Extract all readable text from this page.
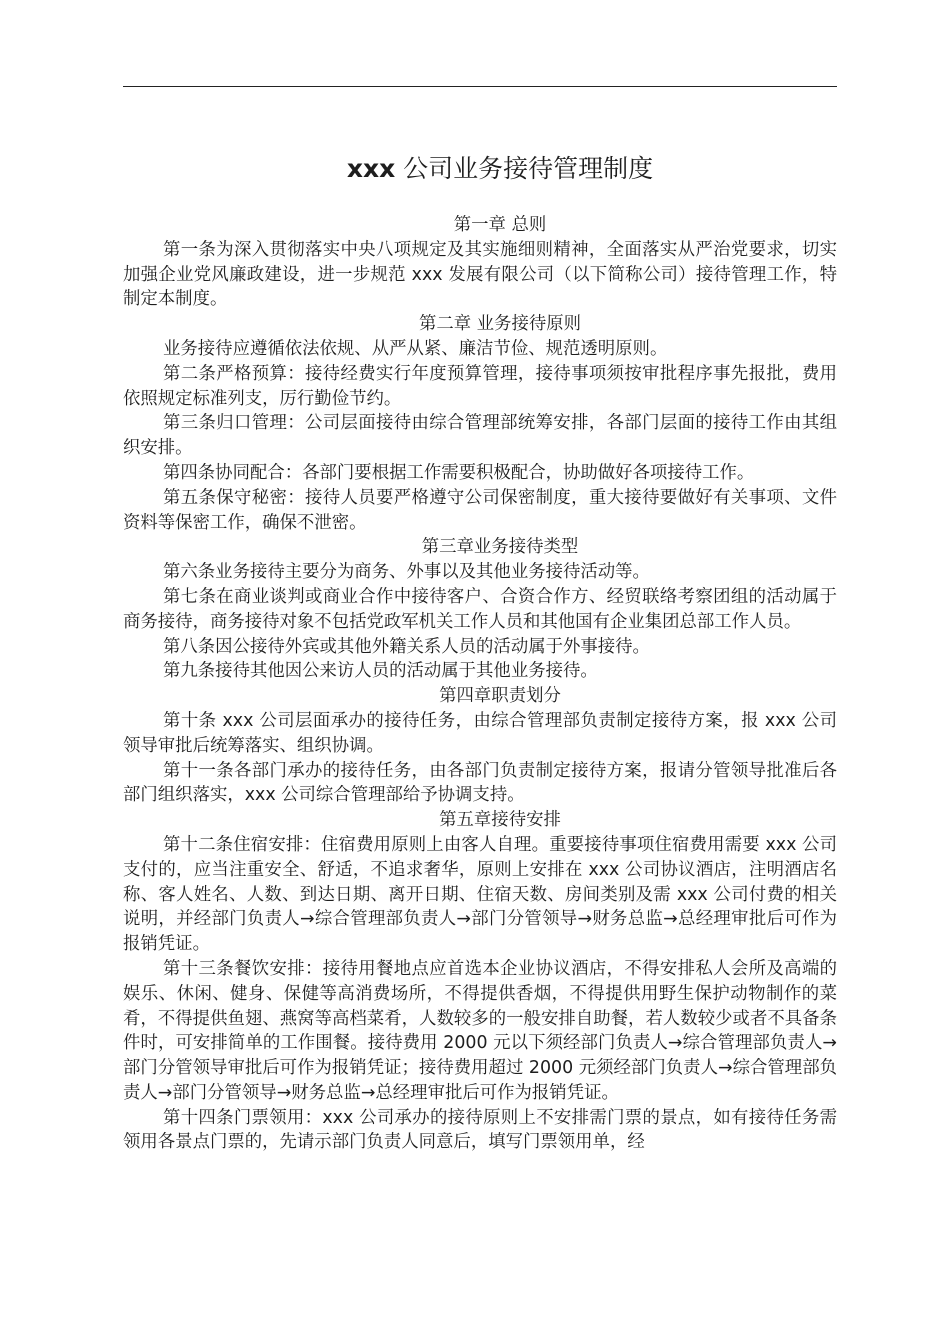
xxx 公司业务接待管理制度

第一章 总则

第一条为深入贯彻落实中央八项规定及其实施细则精神，全面落实从严治党要求，切实加强企业党风廉政建设，进一步规范 xxx 发展有限公司（以下简称公司）接待管理工作，特制定本制度。

第二章 业务接待原则

业务接待应遵循依法依规、从严从紧、廉洁节俭、规范透明原则。

第二条严格预算：接待经费实行年度预算管理，接待事项须按审批程序事先报批，费用依照规定标准列支，厉行勤俭节约。

第三条归口管理：公司层面接待由综合管理部统筹安排，各部门层面的接待工作由其组织安排。

第四条协同配合：各部门要根据工作需要积极配合，协助做好各项接待工作。

第五条保守秘密：接待人员要严格遵守公司保密制度，重大接待要做好有关事项、文件资料等保密工作，确保不泄密。

第三章业务接待类型

第六条业务接待主要分为商务、外事以及其他业务接待活动等。

第七条在商业谈判或商业合作中接待客户、合资合作方、经贸联络考察团组的活动属于商务接待，商务接待对象不包括党政军机关工作人员和其他国有企业集团总部工作人员。

第八条因公接待外宾或其他外籍关系人员的活动属于外事接待。

第九条接待其他因公来访人员的活动属于其他业务接待。

第四章职责划分

第十条 xxx 公司层面承办的接待任务，由综合管理部负责制定接待方案，报 xxx 公司领导审批后统筹落实、组织协调。

第十一条各部门承办的接待任务，由各部门负责制定接待方案，报请分管领导批准后各部门组织落实，xxx 公司综合管理部给予协调支持。

第五章接待安排

第十二条住宿安排：住宿费用原则上由客人自理。重要接待事项住宿费用需要 xxx 公司支付的，应当注重安全、舒适，不追求奢华，原则上安排在 xxx 公司协议酒店，注明酒店名称、客人姓名、人数、到达日期、离开日期、住宿天数、房间类别及需 xxx 公司付费的相关说明，并经部门负责人→综合管理部负责人→部门分管领导→财务总监→总经理审批后可作为报销凭证。

第十三条餐饮安排：接待用餐地点应首选本企业协议酒店，不得安排私人会所及高端的娱乐、休闲、健身、保健等高消费场所，不得提供香烟，不得提供用野生保护动物制作的菜肴，不得提供鱼翅、燕窝等高档菜肴，人数较多的一般安排自助餐，若人数较少或者不具备条件时，可安排简单的工作围餐。接待费用 2000 元以下须经部门负责人→综合管理部负责人→部门分管领导审批后可作为报销凭证；接待费用超过 2000 元须经部门负责人→综合管理部负责人→部门分管领导→财务总监→总经理审批后可作为报销凭证。

第十四条门票领用：xxx 公司承办的接待原则上不安排需门票的景点，如有接待任务需领用各景点门票的，先请示部门负责人同意后，填写门票领用单，经
